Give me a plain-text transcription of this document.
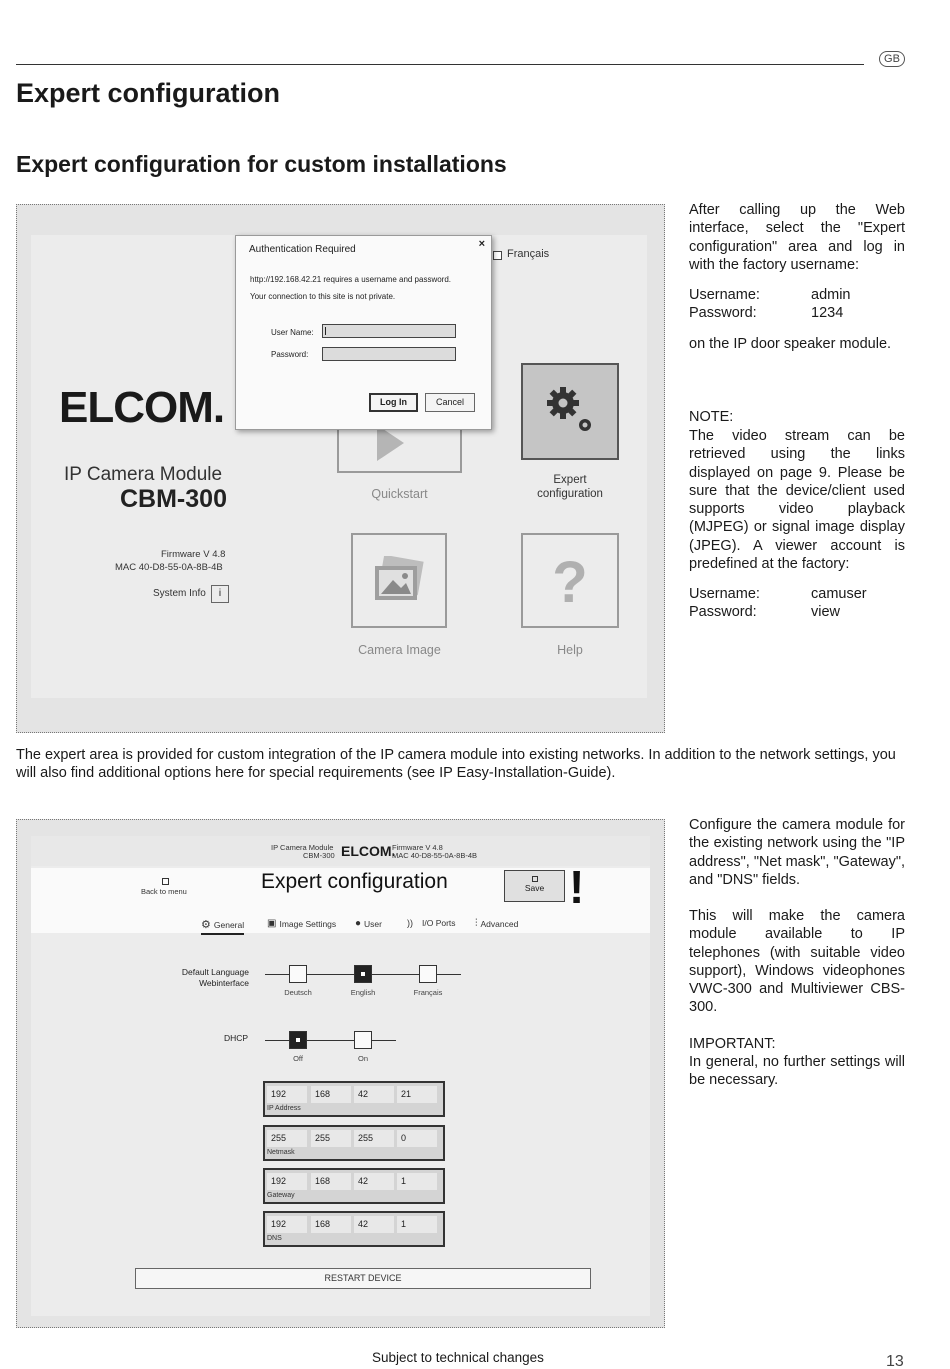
GB
Expert configuration
Expert configuration for custom installations
After calling up the Web interface, select the "Expert configuration" area and log in with the factory username:
Username:	admin
Password:	1234
on the IP door speaker module.
NOTE:
The video stream can be retrieved using the links displayed on page 9. Please be sure that the device/client used supports video playback (MJPEG) or signal image display (JPEG). A viewer account is predefined at the factory:
Username:	camuser
Password:	view
ELCOM.
IP Camera Module
CBM-300
Firmware V 4.8
MAC 40-D8-55-0A-8B-4B
System Info	i
Français
Quickstart
Expert
configuration
Camera Image
?
Help
Authentication Required	×
http://192.168.42.21 requires a username and password.
Your connection to this site is not private.
User Name:
Password:
Log In	Cancel
The expert area is provided for custom integration of the IP camera module into existing networks. In addition to the network settings, you will also find additional options here for special requirements (see IP Easy-Installation-Guide).
IP Camera Module
CBM-300 ELCOM.
Firmware V 4.8
MAC 40-D8-55-0A-8B-4B
Back to menu	Expert configuration	Save !
⚙ General ▣ Image Settings ● User	)) I/O Ports ⫶ Advanced
Default Language
Webinterface
Deutsch	English	Français
DHCP
Off	On
192	168	42	21
IP Address
255	255	255	0
Netmask
192	168	42	1
Gateway
192	168	42	1
DNS
RESTART DEVICE
Configure the camera module for the existing network using the "IP address", "Net mask", "Gateway", and "DNS" fields.
This will make the camera module available to IP telephones (with suitable video support), Windows videophones VWC-300 and Multiviewer CBS-300.
IMPORTANT:
In general, no further settings will be necessary.
Subject to technical changes	13
